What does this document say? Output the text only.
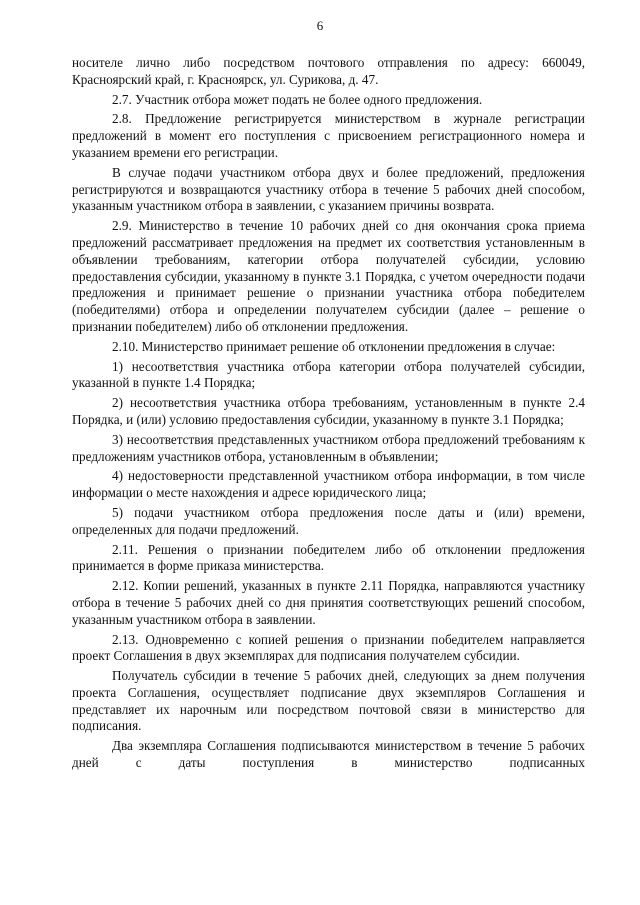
6

носителе лично либо посредством почтового отправления по адресу: 660049, Красноярский край, г. Красноярск, ул. Сурикова, д. 47.

2.7. Участник отбора может подать не более одного предложения.

2.8. Предложение регистрируется министерством в журнале регистрации предложений в момент его поступления с присвоением регистрационного номера и указанием времени его регистрации.

В случае подачи участником отбора двух и более предложений, предложения регистрируются и возвращаются участнику отбора в течение 5 рабочих дней способом, указанным участником отбора в заявлении, с указанием причины возврата.

2.9. Министерство в течение 10 рабочих дней со дня окончания срока приема предложений рассматривает предложения на предмет их соответствия установленным в объявлении требованиям, категории отбора получателей субсидии, условию предоставления субсидии, указанному в пункте 3.1 Порядка, с учетом очередности подачи предложения и принимает решение о признании участника отбора победителем (победителями) отбора и определении получателем субсидии (далее – решение о признании победителем) либо об отклонении предложения.

2.10. Министерство принимает решение об отклонении предложения в случае:

1) несоответствия участника отбора категории отбора получателей субсидии, указанной в пункте 1.4 Порядка;

2) несоответствия участника отбора требованиям, установленным в пункте 2.4 Порядка, и (или) условию предоставления субсидии, указанному в пункте 3.1 Порядка;

3) несоответствия представленных участником отбора предложений требованиям к предложениям участников отбора, установленным в объявлении;

4) недостоверности представленной участником отбора информации, в том числе информации о месте нахождения и адресе юридического лица;

5) подачи участником отбора предложения после даты и (или) времени, определенных для подачи предложений.

2.11. Решения о признании победителем либо об отклонении предложения принимается в форме приказа министерства.

2.12. Копии решений, указанных в пункте 2.11 Порядка, направляются участнику отбора в течение 5 рабочих дней со дня принятия соответствующих решений способом, указанным участником отбора в заявлении.

2.13. Одновременно с копией решения о признании победителем направляется проект Соглашения в двух экземплярах для подписания получателем субсидии.

Получатель субсидии в течение 5 рабочих дней, следующих за днем получения проекта Соглашения, осуществляет подписание двух экземпляров Соглашения и представляет их нарочным или посредством почтовой связи в министерство для подписания.

Два экземпляра Соглашения подписываются министерством в течение 5 рабочих дней с даты поступления в министерство подписанных
